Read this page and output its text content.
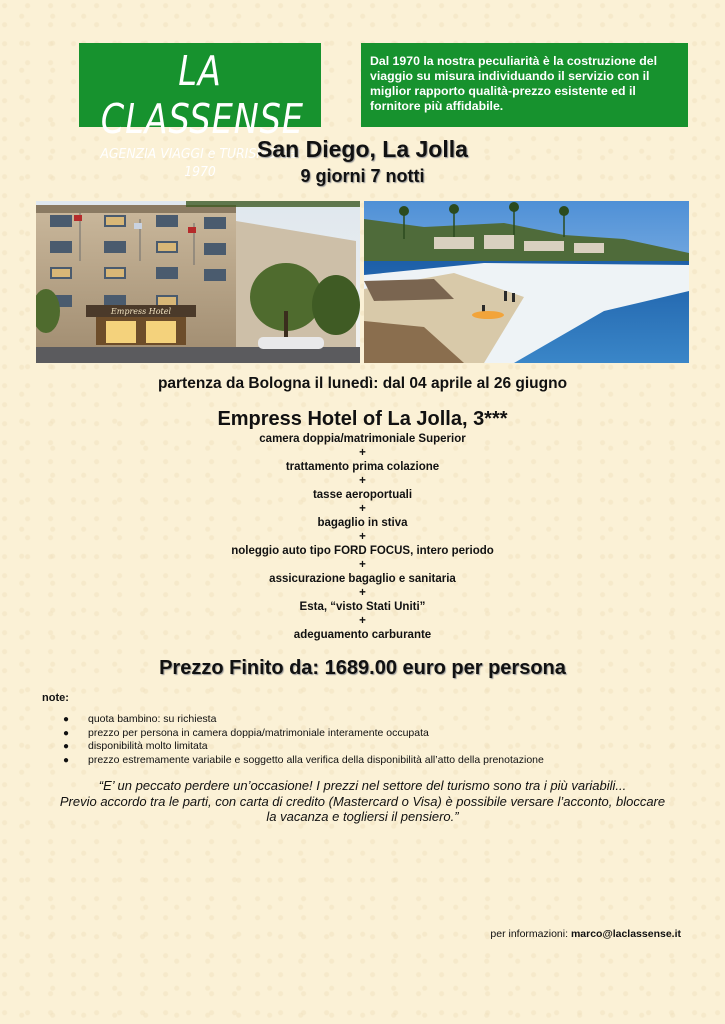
LA CLASSENSE
AGENZIA VIAGGI e TURISMO dal 1970
Dal 1970 la nostra peculiarità è la costruzione del viaggio su misura individuando il servizio con il miglior rapporto qualità-prezzo esistente ed il fornitore più affidabile.
San Diego, La Jolla
9 giorni 7 notti
Empress Hotel
partenza da Bologna il lunedì: dal 04 aprile al 26 giugno
Empress Hotel of La Jolla, 3***
camera doppia/matrimoniale Superior
+
trattamento prima colazione
+
tasse aeroportuali
+
bagaglio in stiva
+
noleggio auto tipo FORD FOCUS, intero periodo
+
assicurazione bagaglio e sanitaria
+
Esta, “visto Stati Uniti”
+
adeguamento carburante
Prezzo Finito da: 1689.00 euro per persona
note:
● quota bambino: su richiesta
● prezzo per persona in camera doppia/matrimoniale interamente occupata
● disponibilità molto limitata
● prezzo estremamente variabile e soggetto alla verifica della disponibilità all’atto della prenotazione
“E’ un peccato perdere un’occasione! I prezzi nel settore del turismo sono tra i più variabili...
Previo accordo tra le parti, con carta di credito (Mastercard o Visa) è possibile versare l’acconto, bloccare
la vacanza e togliersi il pensiero.”
per informazioni: marco@laclassense.it
